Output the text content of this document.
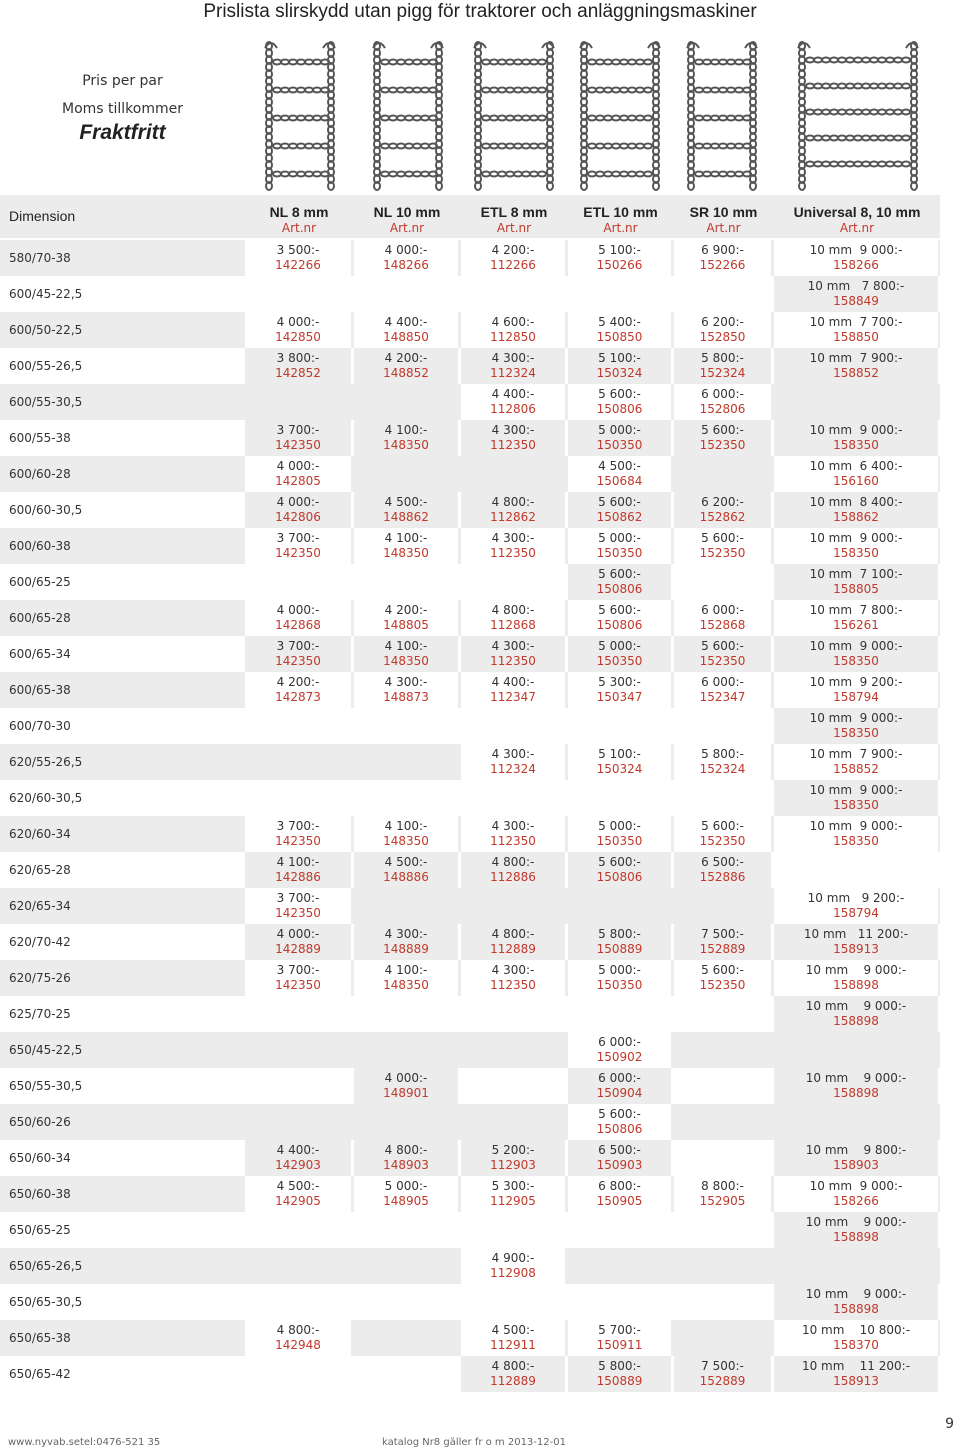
Prislista slirskydd utan pigg för traktorer och anläggningsmaskiner
Pris per par
Moms tillkommer
Fraktfritt
Dimension	NL 8 mm
Art.nr
NL 10 mm
Art.nr
ETL 8 mm
Art.nr
ETL 10 mm
Art.nr
SR 10 mm
Art.nr
Universal 8, 10 mm
Art.nr
580/70-38
3 500:-
142266
4 000:-
148266
4 200:-
112266
5 100:-
150266
6 900:-
152266
10 mm  9 000:-
158266
600/45-22,5
10 mm   7 800:-
158849
600/50-22,5
4 000:-
142850
4 400:-
148850
4 600:-
112850
5 400:-
150850
6 200:-
152850
10 mm  7 700:-
158850
600/55-26,5
3 800:-
142852
4 200:-
148852
4 300:-
112324
5 100:-
150324
5 800:-
152324
10 mm  7 900:-
158852
600/55-30,5
4 400:-
112806
5 600:-
150806
6 000:-
152806
600/55-38
3 700:-
142350
4 100:-
148350
4 300:-
112350
5 000:-
150350
5 600:-
152350
10 mm  9 000:-
158350
600/60-28
4 000:-
142805
4 500:-
150684
10 mm  6 400:-
156160
600/60-30,5
4 000:-
142806
4 500:-
148862
4 800:-
112862
5 600:-
150862
6 200:-
152862
10 mm  8 400:-
158862
600/60-38
3 700:-
142350
4 100:-
148350
4 300:-
112350
5 000:-
150350
5 600:-
152350
10 mm  9 000:-
158350
600/65-25
5 600:-
150806
10 mm  7 100:-
158805
600/65-28
4 000:-
142868
4 200:-
148805
4 800:-
112868
5 600:-
150806
6 000:-
152868
10 mm  7 800:-
156261
600/65-34
3 700:-
142350
4 100:-
148350
4 300:-
112350
5 000:-
150350
5 600:-
152350
10 mm  9 000:-
158350
600/65-38
4 200:-
142873
4 300:-
148873
4 400:-
112347
5 300:-
150347
6 000:-
152347
10 mm  9 200:-
158794
600/70-30
10 mm  9 000:-
158350
620/55-26,5
4 300:-
112324
5 100:-
150324
5 800:-
152324
10 mm  7 900:-
158852
620/60-30,5
10 mm  9 000:-
158350
620/60-34
3 700:-
142350
4 100:-
148350
4 300:-
112350
5 000:-
150350
5 600:-
152350
10 mm  9 000:-
158350
620/65-28
4 100:-
142886
4 500:-
148886
4 800:-
112886
5 600:-
150806
6 500:-
152886
620/65-34
3 700:-
142350
10 mm   9 200:-
158794
620/70-42
4 000:-
142889
4 300:-
148889
4 800:-
112889
5 800:-
150889
7 500:-
152889
10 mm   11 200:-
158913
620/75-26
3 700:-
142350
4 100:-
148350
4 300:-
112350
5 000:-
150350
5 600:-
152350
10 mm    9 000:-
158898
625/70-25
10 mm    9 000:-
158898
650/45-22,5
6 000:-
150902
650/55-30,5
4 000:-
148901
6 000:-
150904
10 mm    9 000:-
158898
650/60-26
5 600:-
150806
650/60-34
4 400:-
142903
4 800:-
148903
5 200:-
112903
6 500:-
150903
10 mm    9 800:-
158903
650/60-38
4 500:-
142905
5 000:-
148905
5 300:-
112905
6 800:-
150905
8 800:-
152905
10 mm  9 000:-
158266
650/65-25
10 mm    9 000:-
158898
650/65-26,5
4 900:-
112908
650/65-30,5
10 mm    9 000:-
158898
650/65-38
4 800:-
142948
4 500:-
112911
5 700:-
150911
10 mm    10 800:-
158370
650/65-42
4 800:-
112889
5 800:-
150889
7 500:-
152889
10 mm    11 200:-
158913
www.nyvab.se tel:0476-521 35	katalog Nr8 gäller fr o m 2013-12-01
9
